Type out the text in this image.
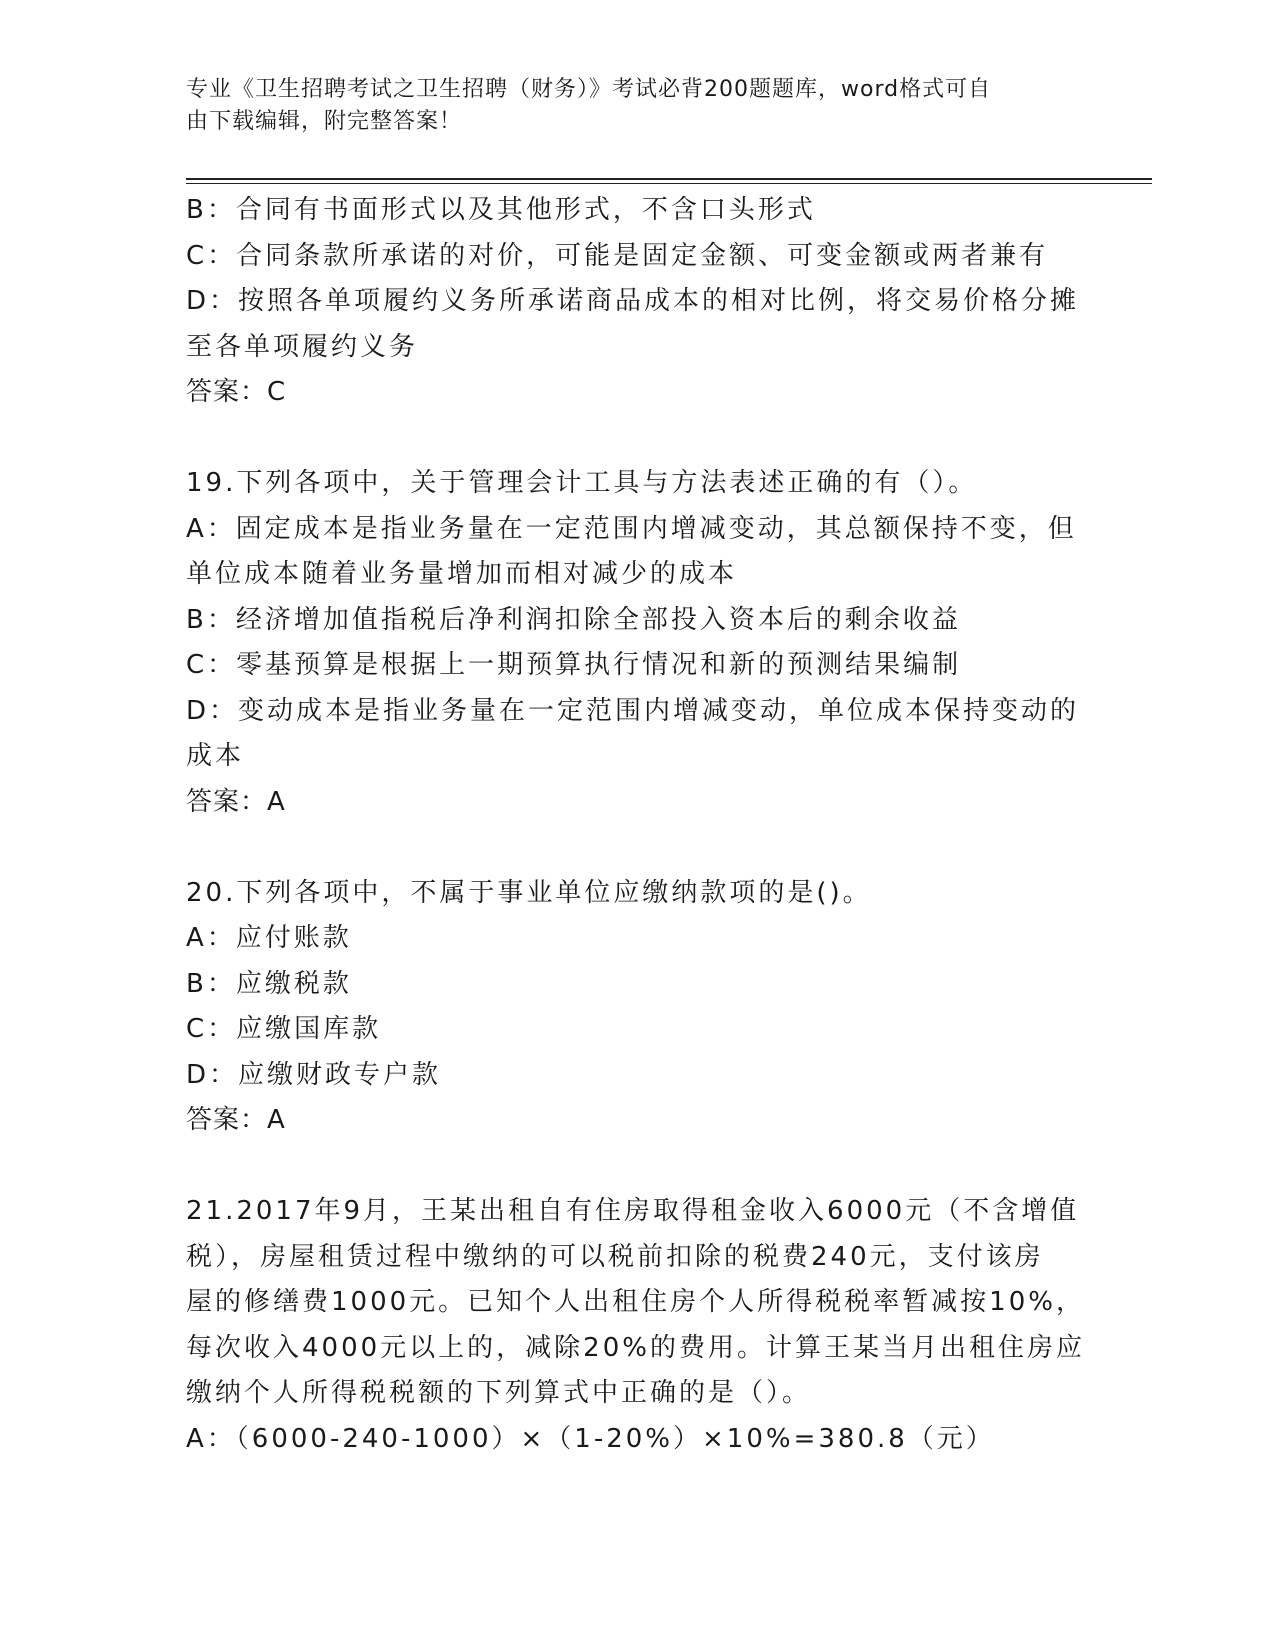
专业《卫生招聘考试之卫生招聘（财务）》考试必背200题题库，word格式可自
由下载编辑，附完整答案！
B：合同有书面形式以及其他形式，不含口头形式
C：合同条款所承诺的对价，可能是固定金额、可变金额或两者兼有
D：按照各单项履约义务所承诺商品成本的相对比例，将交易价格分摊
至各单项履约义务
答案：C
19.下列各项中，关于管理会计工具与方法表述正确的有（）。
A：固定成本是指业务量在一定范围内增减变动，其总额保持不变，但
单位成本随着业务量增加而相对减少的成本
B：经济增加值指税后净利润扣除全部投入资本后的剩余收益
C：零基预算是根据上一期预算执行情况和新的预测结果编制
D：变动成本是指业务量在一定范围内增减变动，单位成本保持变动的
成本
答案：A
20.下列各项中，不属于事业单位应缴纳款项的是()。
A：应付账款
B：应缴税款
C：应缴国库款
D：应缴财政专户款
答案：A
21.2017年9月，王某出租自有住房取得租金收入6000元（不含增值
税），房屋租赁过程中缴纳的可以税前扣除的税费240元，支付该房
屋的修缮费1000元。已知个人出租住房个人所得税税率暂减按10%，
每次收入4000元以上的，减除20%的费用。计算王某当月出租住房应
缴纳个人所得税税额的下列算式中正确的是（）。
A：（6000-240-1000）×（1-20%）×10%=380.8（元）
